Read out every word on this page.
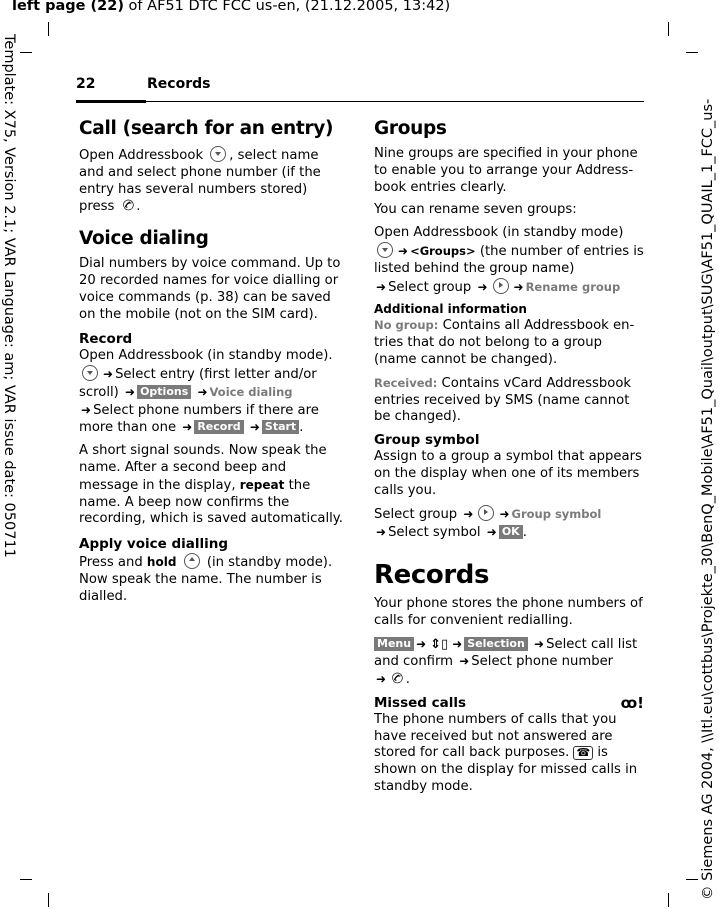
left page (22) of AF51 DTC FCC us-en, (21.12.2005, 13:42)
Template: X75, Version 2.1; VAR Language: am; VAR issue date: 050711	© Siemens AG 2004, \\Itl.eu\cottbus\Projekte_30\BenQ_Mobile\AF51_Quail\output\SUG\AF51_QUAIL_1_FCC_us-
22	Records
Call (search for an entry)

Open Addressbook , select name and and select phone number (if the entry has several numbers stored) press ✆.

Voice dialing

Dial numbers by voice command. Up to 20 recorded names for voice dialling or voice commands (p. 38) can be saved on the mobile (not on the SIM card).

Record

Open Addressbook (in standby mode). ➜ Select entry (first letter and/or scroll) ➜ Options ➜ Voice dialing
➜ Select phone numbers if there are more than one ➜ Record ➜ Start .

A short signal sounds. Now speak the name. After a second beep and message in the display, repeat the name. A beep now confirms the recording, which is saved automatically.

Apply voice dialling

Press and hold (in standby mode). Now speak the name. The number is dialled.

Groups

Nine groups are specified in your phone to enable you to arrange your Address-book entries clearly.

You can rename seven groups:

Open Addressbook (in standby mode)
➜ <Groups> (the number of entries is listed behind the group name)
➜ Select group ➜ ➜ Rename group

Additional information

No group: Contains all Addressbook en-tries that do not belong to a group (name cannot be changed).

Received: Contains vCard Addressbook entries received by SMS (name cannot be changed).

Group symbol

Assign to a group a symbol that appears on the display when one of its members calls you.

Select group ➜ ➜ Group symbol
➜ Select symbol ➜ OK .

Records

Your phone stores the phone numbers of calls for convenient redialling.

Menu ➜ ⇕▯ ➜ Selection ➜ Select call list and confirm ➜ Select phone number
➜ ✆.

Missed calls	ꝏ!

The phone numbers of calls that you have received but not answered are stored for call back purposes. ☎ is shown on the display for missed calls in standby mode.
